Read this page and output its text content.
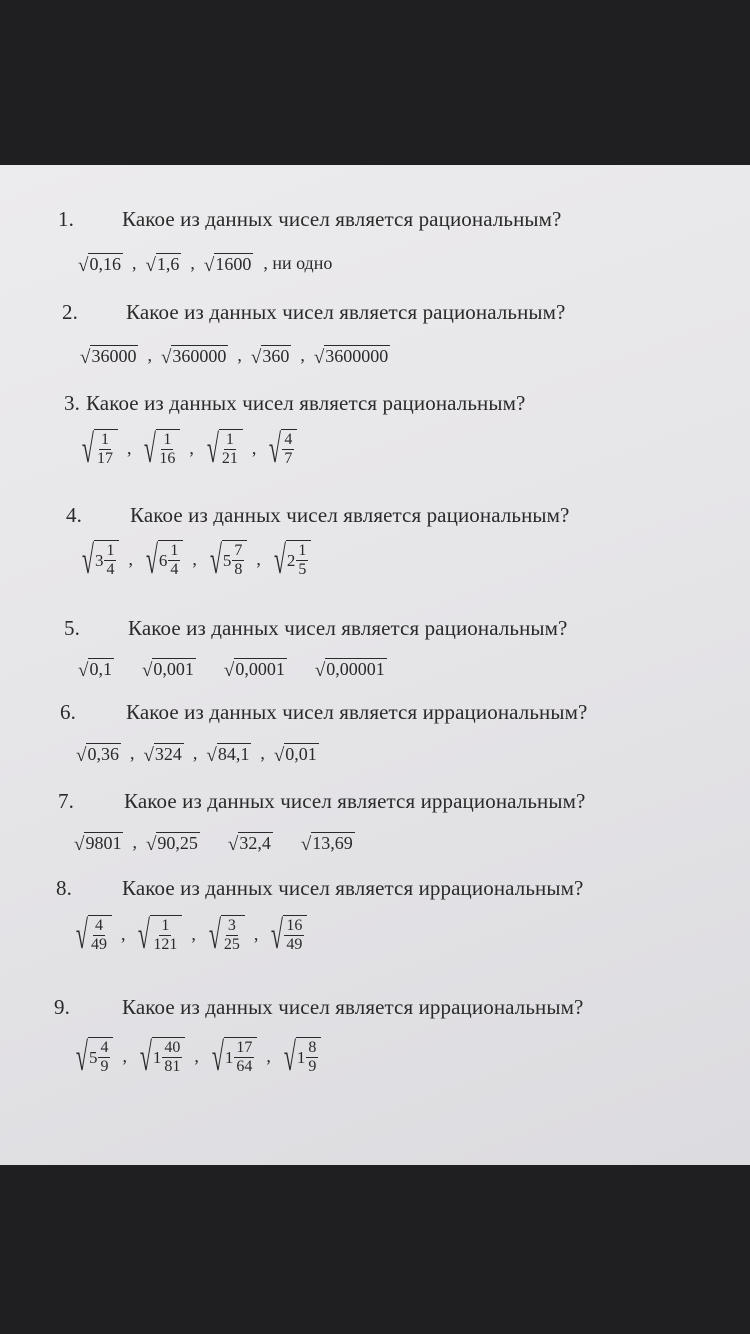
1. Какое из данных чисел является рациональным?
√ 0,16 , √ 1,6 , √ 1600 , ни одно
2. Какое из данных чисел является рациональным?
√ 36000 , √ 360000 , √ 360 , √ 3600000
3. Какое из данных чисел является рациональным?
√ $\frac{1}{17}$ , √ $\frac{1}{16}$ , √ $\frac{1}{21}$ , √ $\frac{4}{7}$
4. Какое из данных чисел является рациональным?
√ $3 \frac{1}{4}$ , √ $6 \frac{1}{4}$ , √ $5 \frac{7}{8}$ , √ $2 \frac{1}{5}$
5. Какое из данных чисел является рациональным?
√ 0,1 √ 0,001 √ 0,0001 √ 0,00001
6. Какое из данных чисел является иррациональным?
√ 0,36 , √ 324 , √ 84,1 , √ 0,01
7. Какое из данных чисел является иррациональным?
√ 9801 , √ 90,25 √ 32,4 √ 13,69
8. Какое из данных чисел является иррациональным?
√ $\frac{4}{49}$ , √ $\frac{1}{121}$ , √ $\frac{3}{25}$ , √ $\frac{16}{49}$
9. Какое из данных чисел является иррациональным?
√ $5 \frac{4}{9}$ , √ $1 \frac{40}{81}$ , √ $1 \frac{17}{64}$ , √ $1 \frac{8}{9}$
